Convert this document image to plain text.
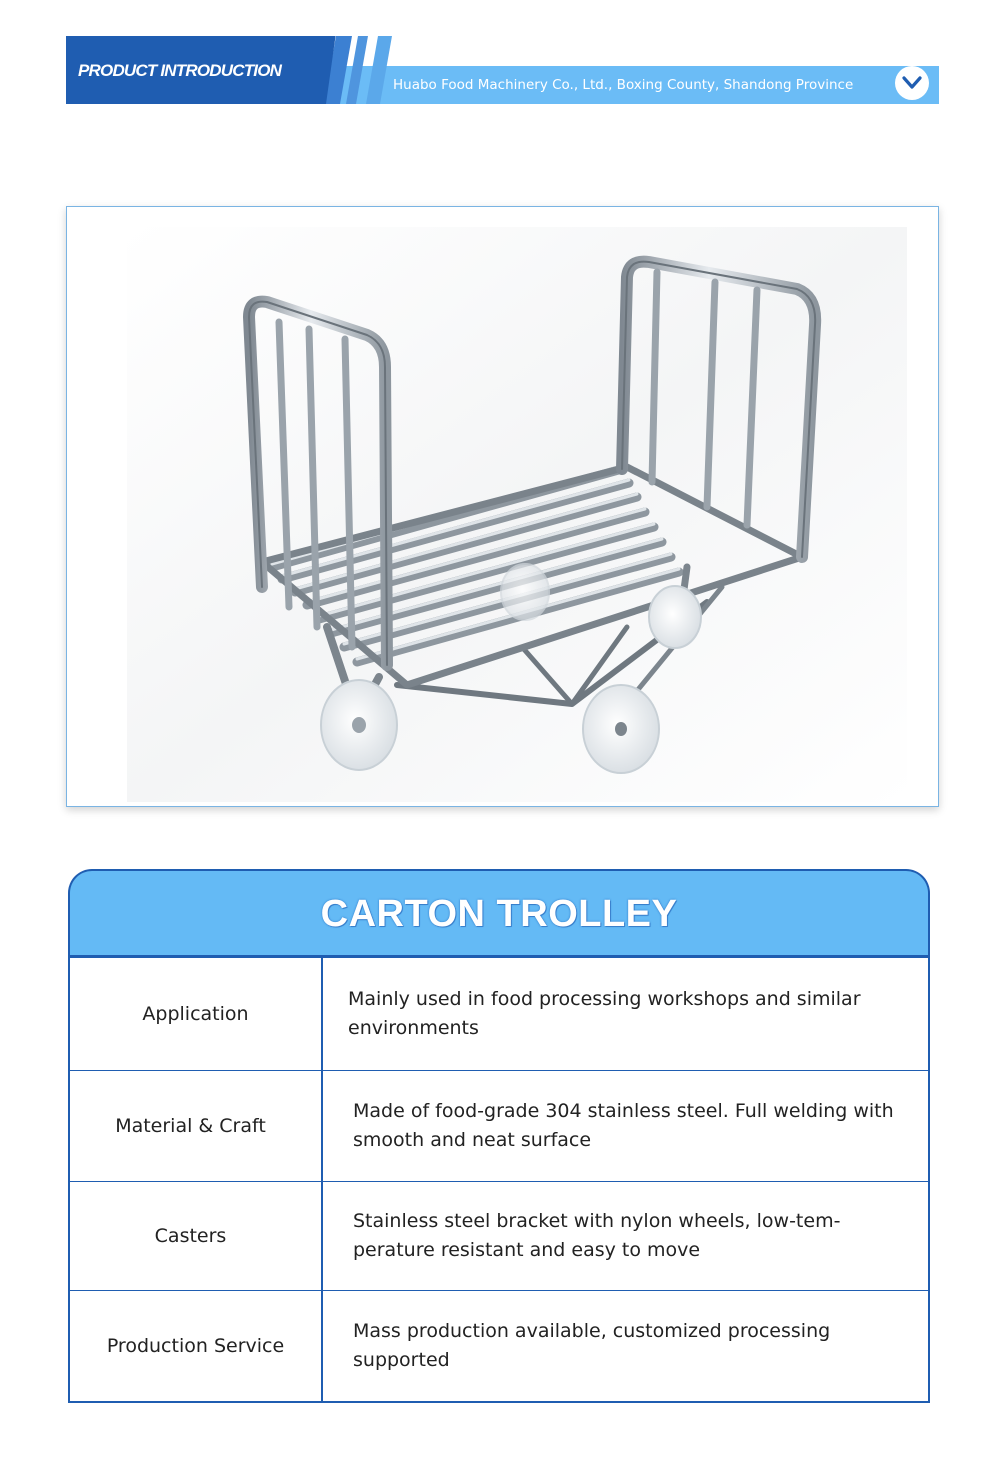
PRODUCT INTRODUCTION
Huabo Food Machinery Co., Ltd., Boxing County, Shandong Province
CARTON TROLLEY
Application
Mainly used in food processing workshops and similar environments
Material & Craft
Made of food-grade 304 stainless steel. Full welding with smooth and neat surface
Casters
Stainless steel bracket with nylon wheels, low-tem-perature resistant and easy to move
Production Service
Mass production available, customized processing supported
